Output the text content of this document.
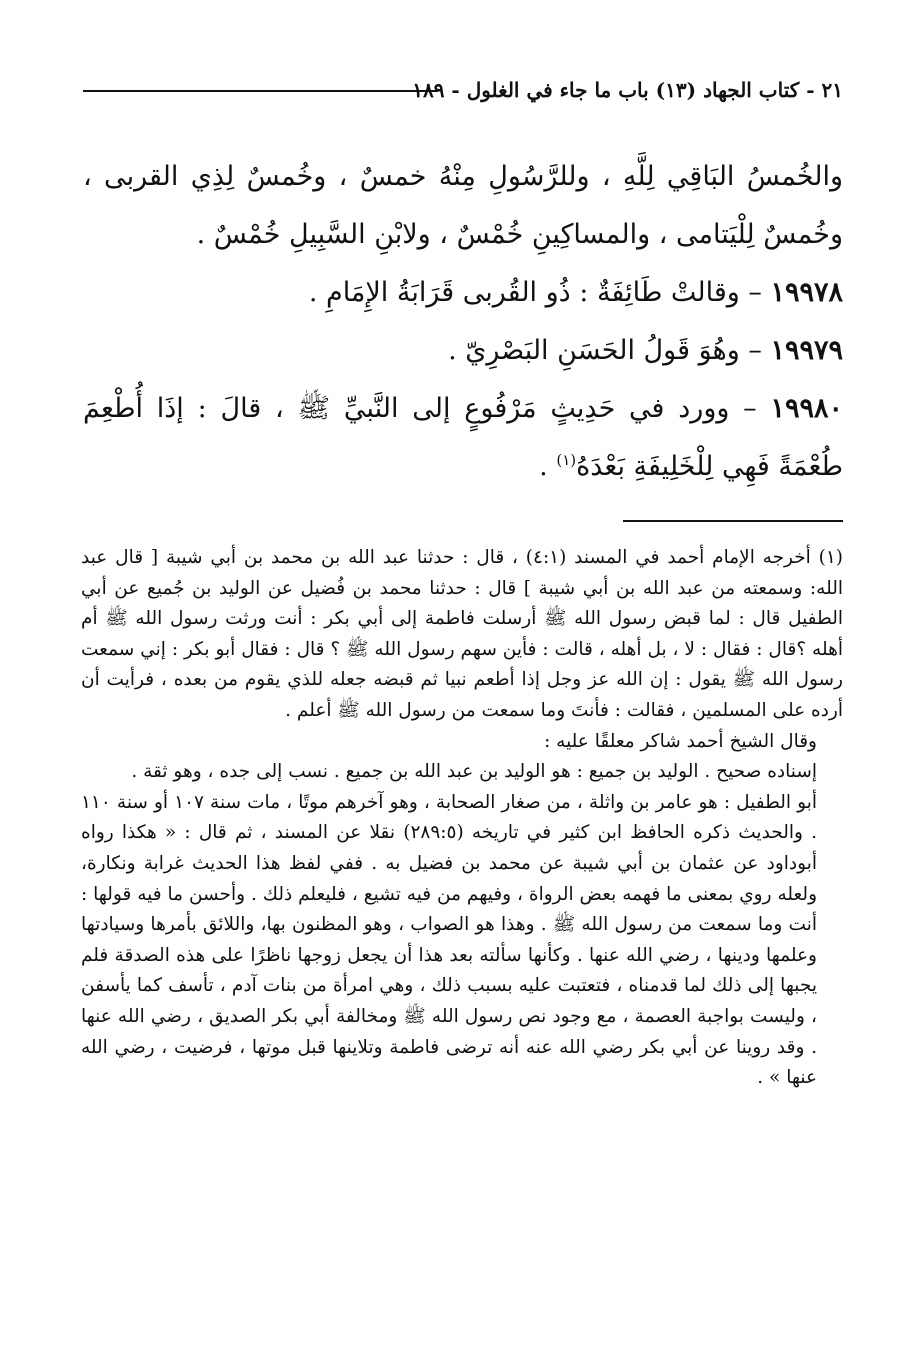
٢١ - كتاب الجهاد (١٣) باب ما جاء في الغلول - ١٨٩

والخُمسُ البَاقِي لِلَّهِ ، وللرَّسُولِ مِنْهُ خمسٌ ، وخُمسٌ لِذِي القربى ، وخُمسٌ لِلْيَتامى ، والمساكِينِ خُمْسٌ ، ولابْنِ السَّبِيلِ خُمْسٌ .

١٩٩٧٨ – وقالتْ طَائِفَةٌ : ذُو القُربى قَرَابَةُ الإِمَامِ .

١٩٩٧٩ – وهُوَ قَولُ الحَسَنِ البَصْرِيّ .

١٩٩٨٠ – وورد في حَدِيثٍ مَرْفُوعٍ إلى النَّبيِّ ﷺ ، قالَ : إذَا أُطْعِمَ طُعْمَةً فَهِي لِلْخَلِيفَةِ بَعْدَهُ$^{(١)}$ .

(١) أخرجه الإمام أحمد في المسند (٤:١) ، قال : حدثنا عبد الله بن محمد بن أبي شيبة [ قال عبد الله: وسمعته من عبد الله بن أبي شيبة ] قال : حدثنا محمد بن فُضيل عن الوليد بن جُميع عن أبي الطفيل قال : لما قبض رسول الله ﷺ أرسلت فاطمة إلى أبي بكر : أنت ورثت رسول الله ﷺ أم أهله ؟قال : فقال : لا ، بل أهله ، قالت : فأين سهم رسول الله ﷺ ؟ قال : فقال أبو بكر : إني سمعت رسول الله ﷺ يقول : إن الله عز وجل إذا أطعم نبيا ثم قبضه جعله للذي يقوم من بعده ، فرأيت أن أرده على المسلمين ، فقالت : فأنتَ وما سمعت من رسول الله ﷺ أعلم .

وقال الشيخ أحمد شاكر معلقًا عليه :

إسناده صحيح . الوليد بن جميع : هو الوليد بن عبد الله بن جميع . نسب إلى جده ، وهو ثقة .

أبو الطفيل : هو عامر بن واثلة ، من صغار الصحابة ، وهو آخرهم موتًا ، مات سنة ١٠٧ أو سنة ١١٠ . والحديث ذكره الحافظ ابن كثير في تاريخه (٢٨٩:٥) نقلا عن المسند ، ثم قال : « هكذا رواه أبوداود عن عثمان بن أبي شيبة عن محمد بن فضيل به . ففي لفظ هذا الحديث غرابة ونكارة، ولعله روي بمعنى ما فهمه بعض الرواة ، وفيهم من فيه تشيع ، فليعلم ذلك . وأحسن ما فيه قولها : أنت وما سمعت من رسول الله ﷺ . وهذا هو الصواب ، وهو المظنون بها، واللائق بأمرها وسيادتها وعلمها ودينها ، رضي الله عنها . وكأنها سألته بعد هذا أن يجعل زوجها ناظرًا على هذه الصدقة فلم يجبها إلى ذلك لما قدمناه ، فتعتبت عليه بسبب ذلك ، وهي امرأة من بنات آدم ، تأسف كما يأسفن ، وليست بواجبة العصمة ، مع وجود نص رسول الله ﷺ ومخالفة أبي بكر الصديق ، رضي الله عنها . وقد روينا عن أبي بكر رضي الله عنه أنه ترضى فاطمة وتلاينها قبل موتها ، فرضيت ، رضي الله عنها » .
